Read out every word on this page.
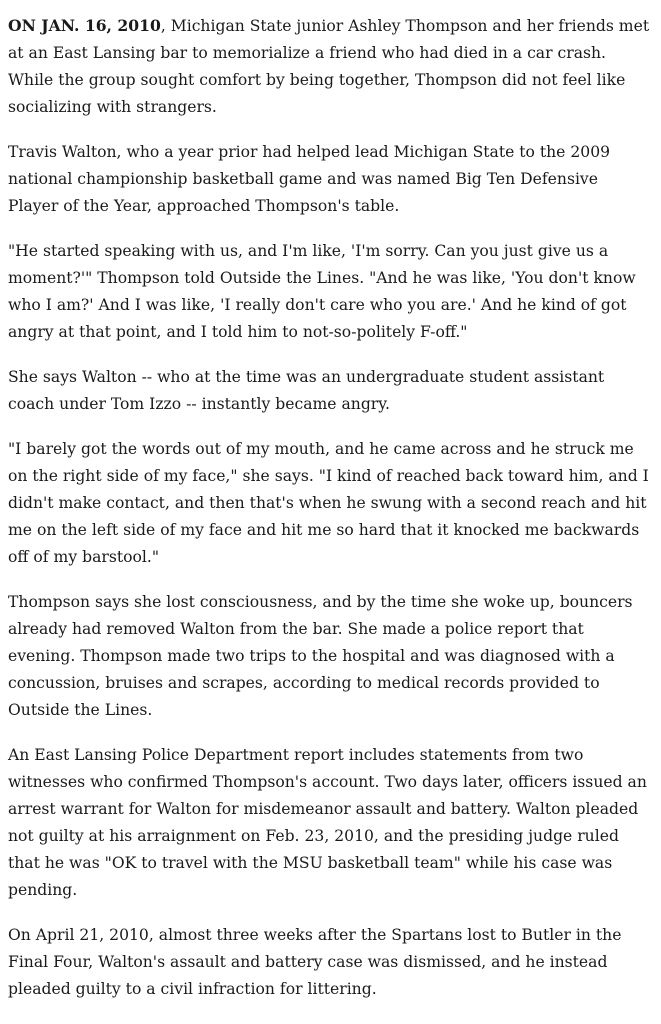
ON JAN. 16, 2010, Michigan State junior Ashley Thompson and her friends met at an East Lansing bar to memorialize a friend who had died in a car crash. While the group sought comfort by being together, Thompson did not feel like socializing with strangers.

Travis Walton, who a year prior had helped lead Michigan State to the 2009 national championship basketball game and was named Big Ten Defensive Player of the Year, approached Thompson's table.

"He started speaking with us, and I'm like, 'I'm sorry. Can you just give us a moment?'" Thompson told Outside the Lines. "And he was like, 'You don't know who I am?' And I was like, 'I really don't care who you are.' And he kind of got angry at that point, and I told him to not-so-politely F-off."

She says Walton -- who at the time was an undergraduate student assistant coach under Tom Izzo -- instantly became angry.

"I barely got the words out of my mouth, and he came across and he struck me on the right side of my face," she says. "I kind of reached back toward him, and I didn't make contact, and then that's when he swung with a second reach and hit me on the left side of my face and hit me so hard that it knocked me backwards off of my barstool."

Thompson says she lost consciousness, and by the time she woke up, bouncers already had removed Walton from the bar. She made a police report that evening. Thompson made two trips to the hospital and was diagnosed with a concussion, bruises and scrapes, according to medical records provided to Outside the Lines.

An East Lansing Police Department report includes statements from two witnesses who confirmed Thompson's account. Two days later, officers issued an arrest warrant for Walton for misdemeanor assault and battery. Walton pleaded not guilty at his arraignment on Feb. 23, 2010, and the presiding judge ruled that he was "OK to travel with the MSU basketball team" while his case was pending.

On April 21, 2010, almost three weeks after the Spartans lost to Butler in the Final Four, Walton's assault and battery case was dismissed, and he instead pleaded guilty to a civil infraction for littering.
